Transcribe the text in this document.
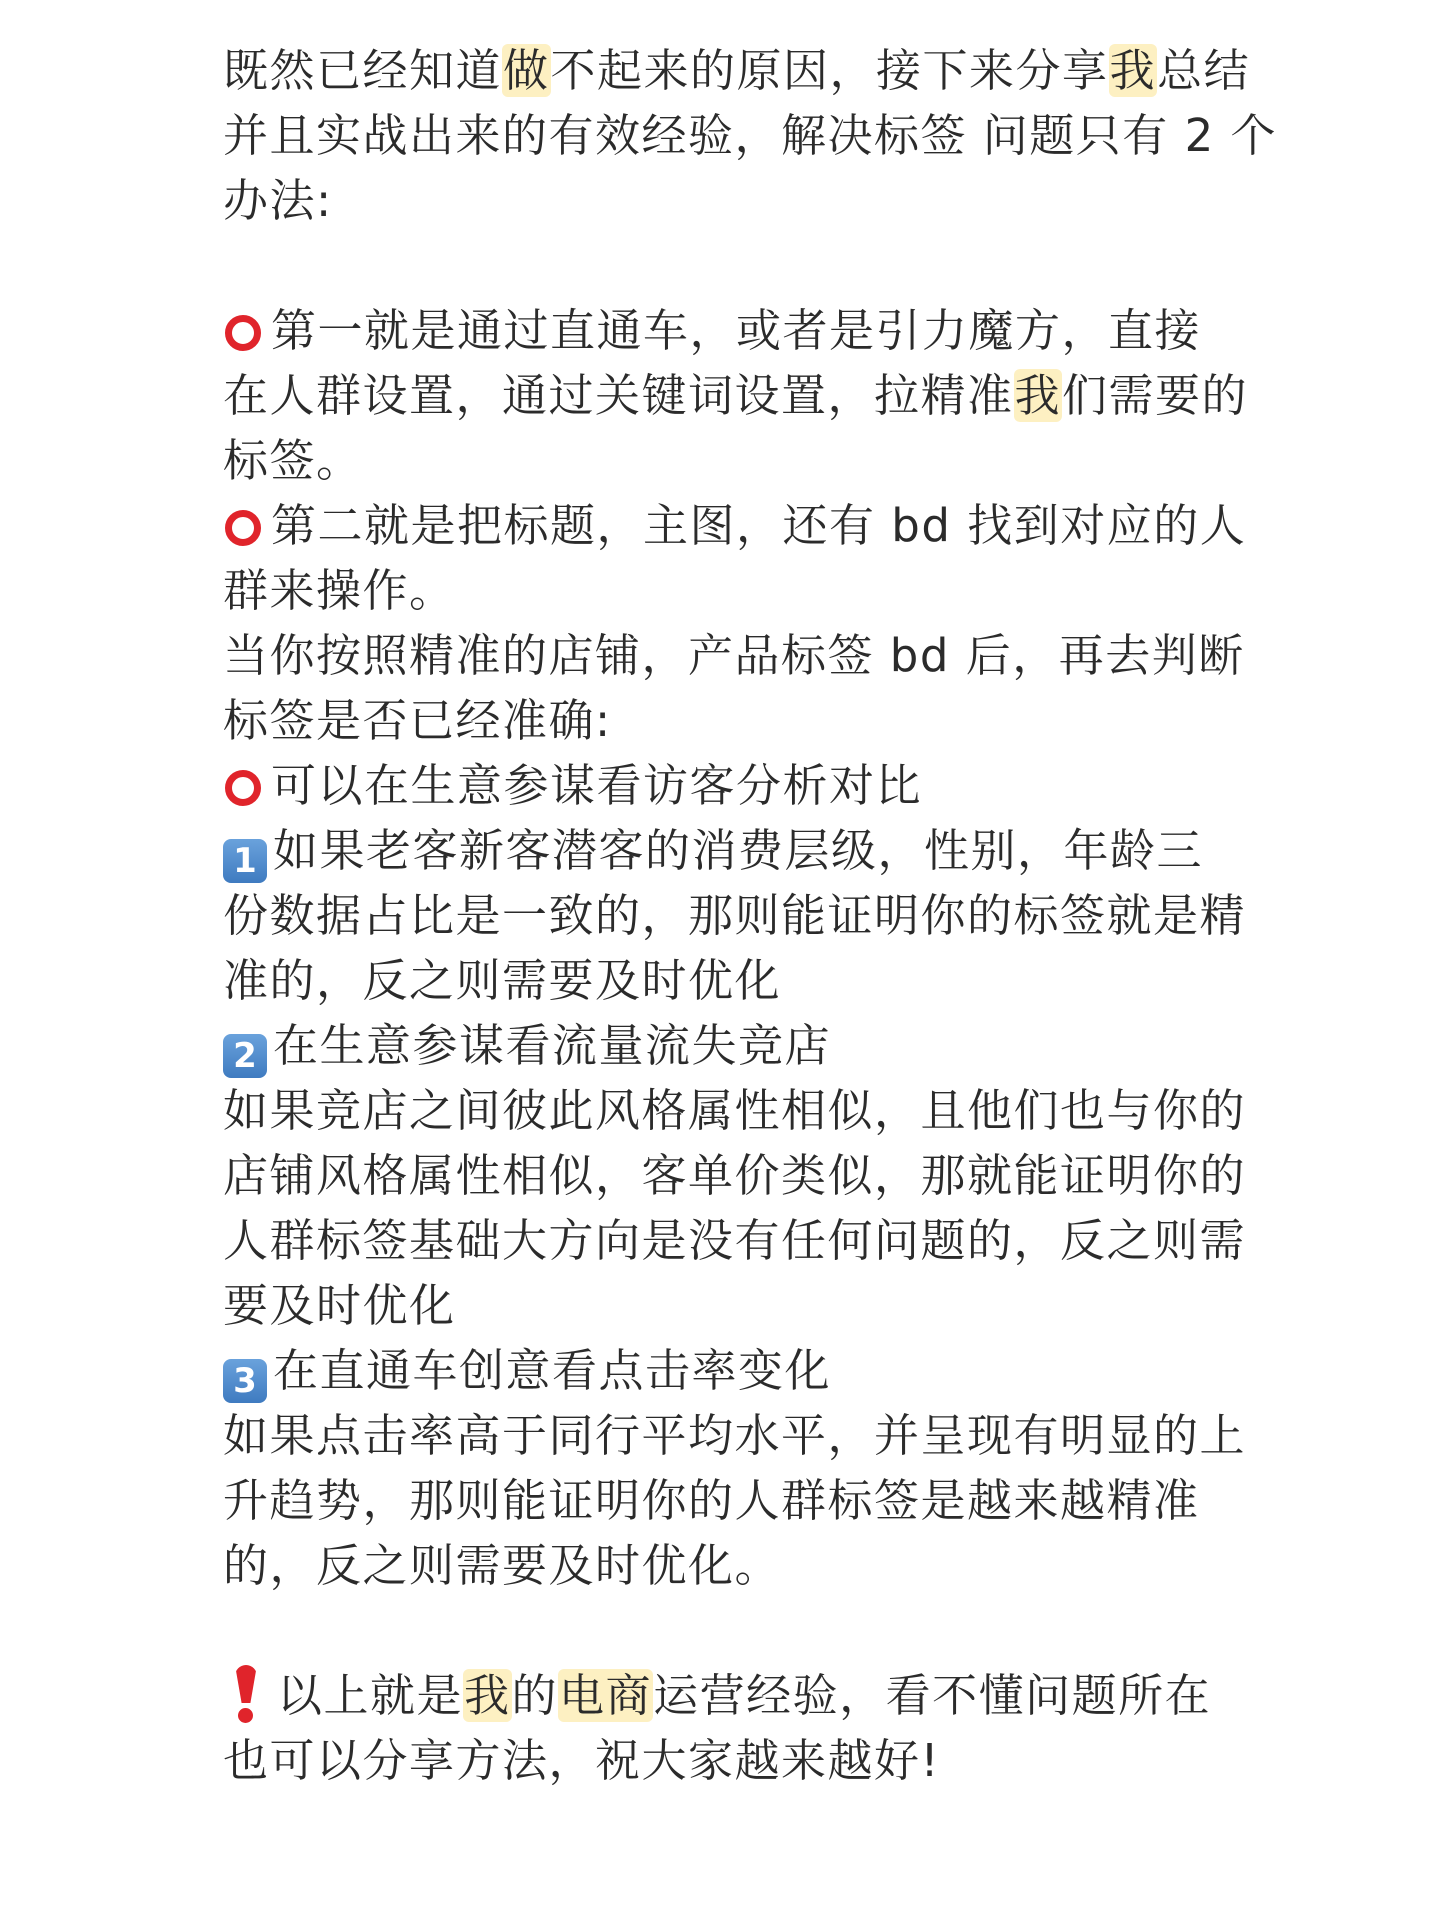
既然已经知道做不起来的原因，接下来分享我总结
并且实战出来的有效经验，解决标签 问题只有 2 个
办法:
第一就是通过直通车，或者是引力魔方，直接
在人群设置，通过关键词设置，拉精准我们需要的
标签。
第二就是把标题，主图，还有 bd 找到对应的人
群来操作。
当你按照精准的店铺，产品标签 bd 后，再去判断
标签是否已经准确:
可以在生意参谋看访客分析对比
1 如果老客新客潜客的消费层级，性别，年龄三
份数据占比是一致的，那则能证明你的标签就是精
准的，反之则需要及时优化
2 在生意参谋看流量流失竞店
如果竞店之间彼此风格属性相似，且他们也与你的
店铺风格属性相似，客单价类似，那就能证明你的
人群标签基础大方向是没有任何问题的，反之则需
要及时优化
3 在直通车创意看点击率变化
如果点击率高于同行平均水平，并呈现有明显的上
升趋势，那则能证明你的人群标签是越来越精准
的，反之则需要及时优化。
以上就是我的电商运营经验，看不懂问题所在
也可以分享方法，祝大家越来越好!
